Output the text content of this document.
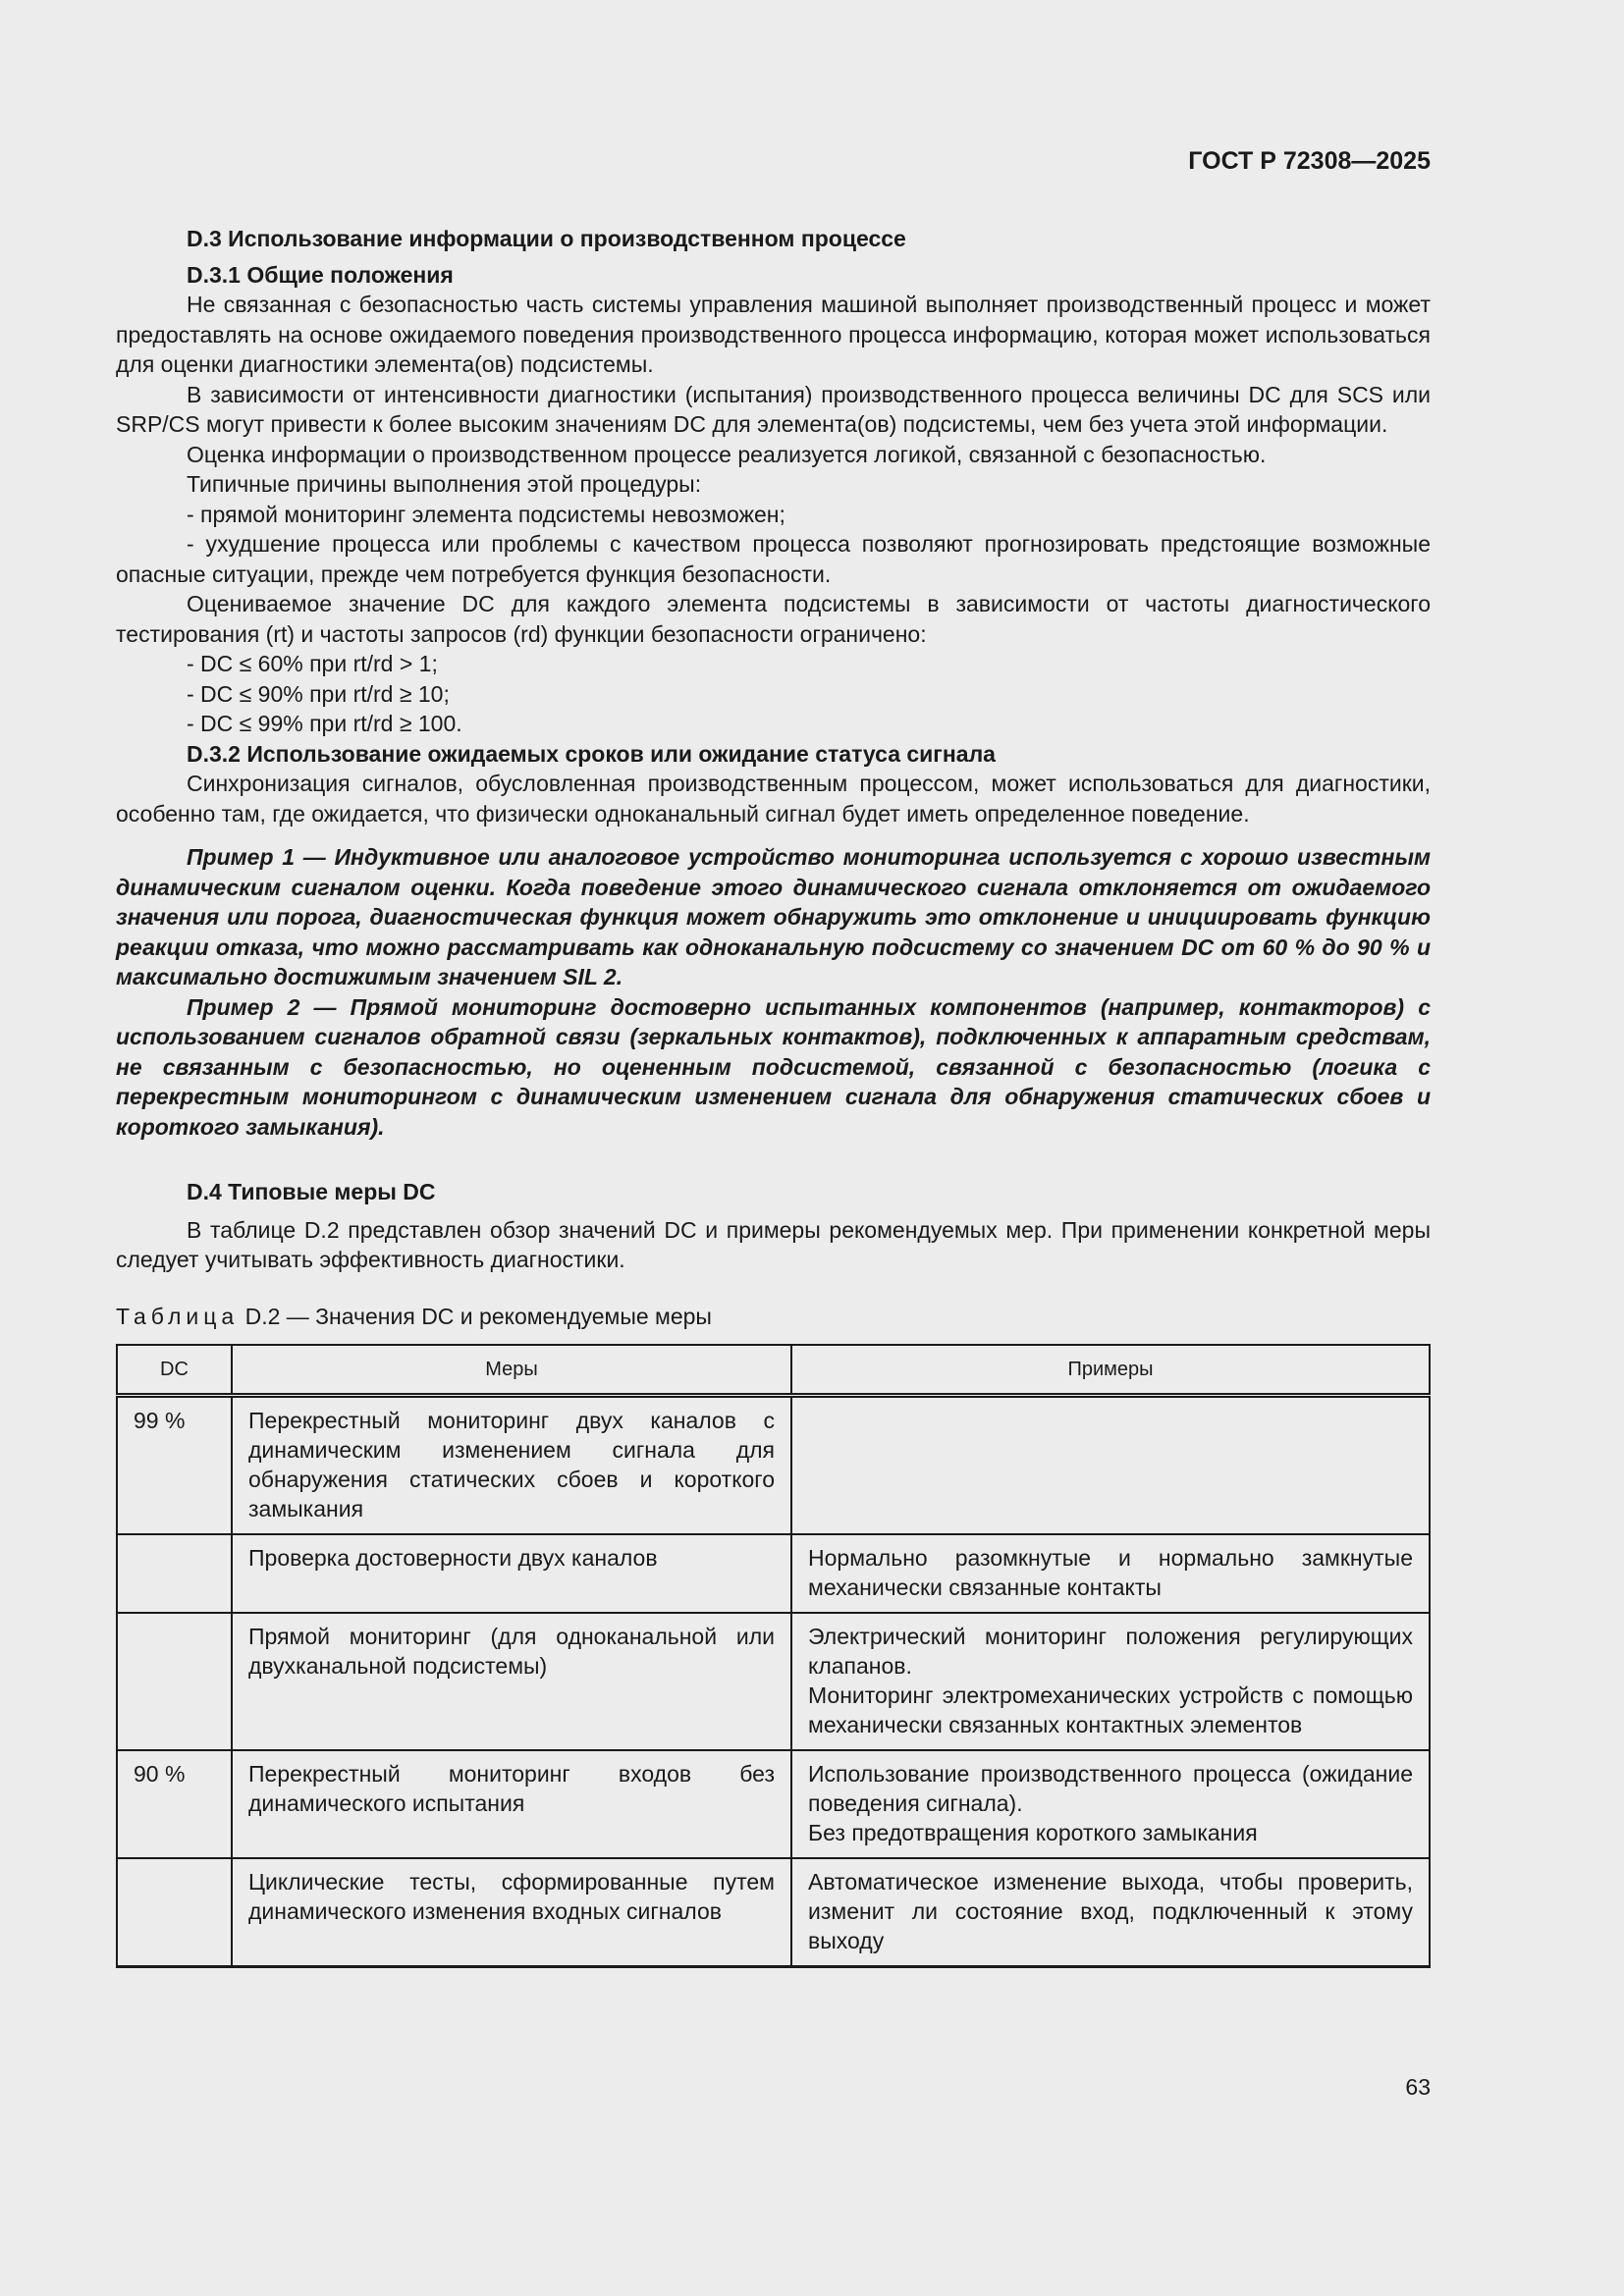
ГОСТ Р 72308—2025

D.3 Использование информации о производственном процессе

D.3.1 Общие положения

Не связанная с безопасностью часть системы управления машиной выполняет производственный процесс и может предоставлять на основе ожидаемого поведения производственного процесса информацию, которая может использоваться для оценки диагностики элемента(ов) подсистемы.

В зависимости от интенсивности диагностики (испытания) производственного процесса величины DC для SCS или SRP/CS могут привести к более высоким значениям DC для элемента(ов) подсистемы, чем без учета этой информации.

Оценка информации о производственном процессе реализуется логикой, связанной с безопасностью.

Типичные причины выполнения этой процедуры:

- прямой мониторинг элемента подсистемы невозможен;

- ухудшение процесса или проблемы с качеством процесса позволяют прогнозировать предстоящие возможные опасные ситуации, прежде чем потребуется функция безопасности.

Оцениваемое значение DC для каждого элемента подсистемы в зависимости от частоты диагностического тестирования (rt) и частоты запросов (rd) функции безопасности ограничено:

- DC ≤ 60% при rt/rd > 1;

- DC ≤ 90% при rt/rd ≥ 10;

- DC ≤ 99% при rt/rd ≥ 100.

D.3.2 Использование ожидаемых сроков или ожидание статуса сигнала

Синхронизация сигналов, обусловленная производственным процессом, может использоваться для диагностики, особенно там, где ожидается, что физически одноканальный сигнал будет иметь определенное поведение.

Пример 1 — Индуктивное или аналоговое устройство мониторинга используется с хорошо известным динамическим сигналом оценки. Когда поведение этого динамического сигнала отклоняется от ожидаемого значения или порога, диагностическая функция может обнаружить это отклонение и инициировать функцию реакции отказа, что можно рассматривать как одноканальную подсистему со значением DC от 60 % до 90 % и максимально достижимым значением SIL 2.

Пример 2 — Прямой мониторинг достоверно испытанных компонентов (например, контакторов) с использованием сигналов обратной связи (зеркальных контактов), подключенных к аппаратным средствам, не связанным с безопасностью, но оцененным подсистемой, связанной с безопасностью (логика с перекрестным мониторингом с динамическим изменением сигнала для обнаружения статических сбоев и короткого замыкания).

D.4 Типовые меры DC

В таблице D.2 представлен обзор значений DC и примеры рекомендуемых мер. При применении конкретной меры следует учитывать эффективность диагностики.

Таблица D.2 — Значения DC и рекомендуемые меры

DC	Меры	Примеры
99 %	Перекрестный мониторинг двух каналов с динамическим изменением сигнала для обнаружения статических сбоев и короткого замыкания	
	Проверка достоверности двух каналов	Нормально разомкнутые и нормально замкнутые механически связанные контакты
	Прямой мониторинг (для одноканальной или двухканальной подсистемы)	Электрический мониторинг положения регулирующих клапанов.
Мониторинг электромеханических устройств с помощью механически связанных контактных элементов
90 %	Перекрестный мониторинг входов без динамического испытания	Использование производственного процесса (ожидание поведения сигнала).
Без предотвращения короткого замыкания
	Циклические тесты, сформированные путем динамического изменения входных сигналов	Автоматическое изменение выхода, чтобы проверить, изменит ли состояние вход, подключенный к этому выходу
63
